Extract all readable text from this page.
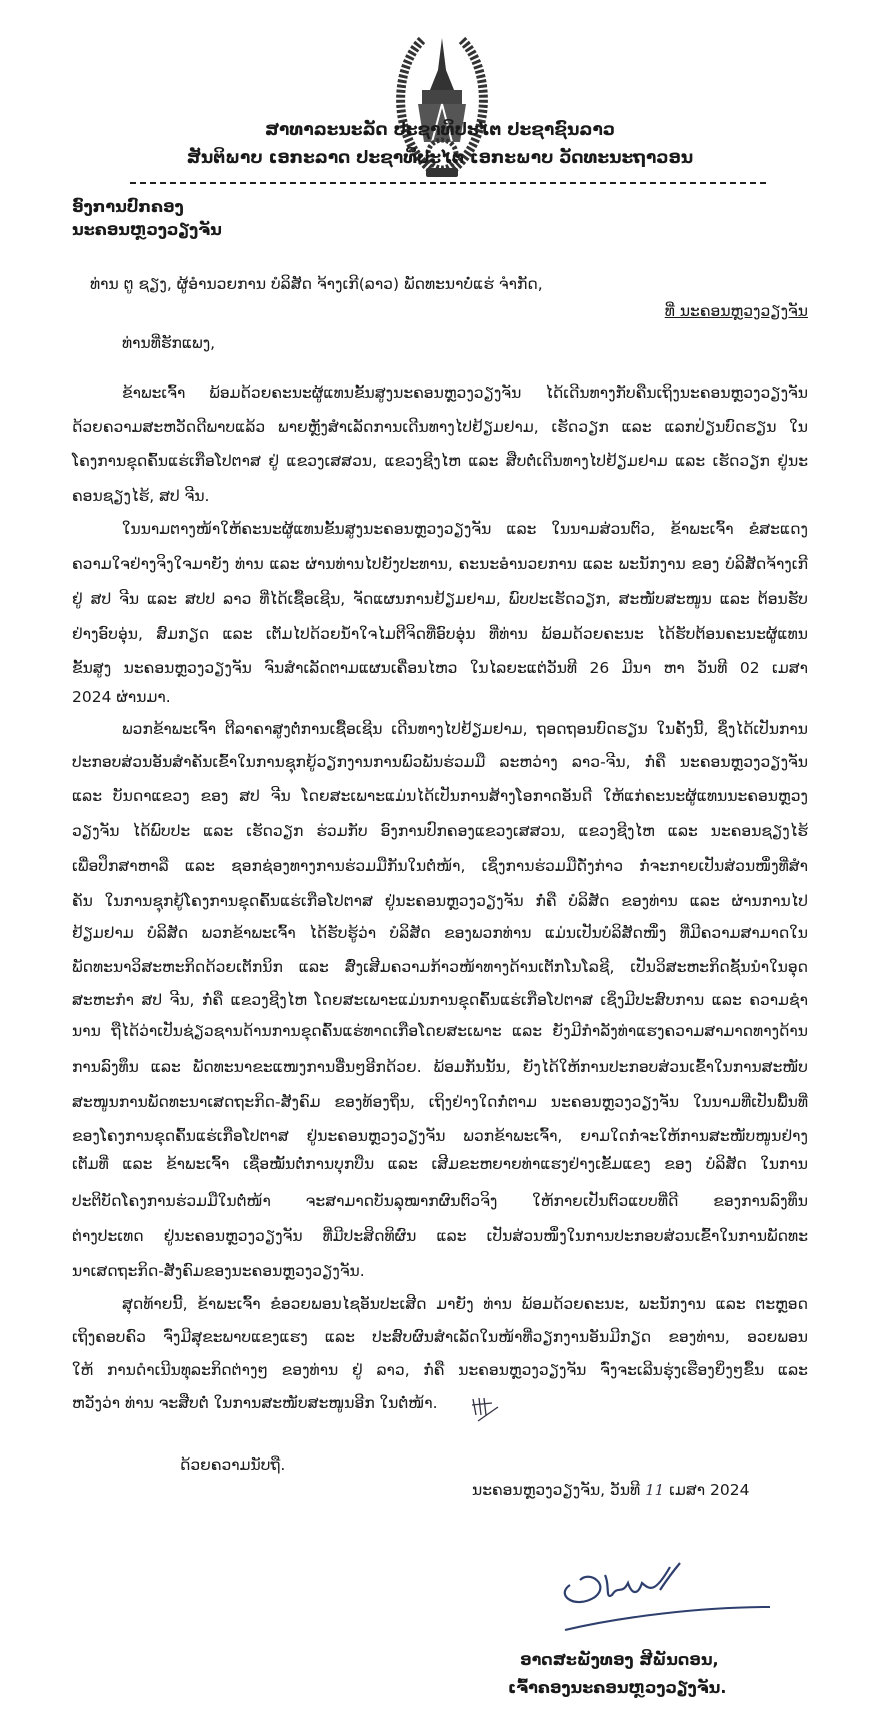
ສາທາລະນະລັດ ປະຊາທິປະໄຕ ປະຊາຊົນລາວ
ສັນຕິພາບ ເອກະລາດ ປະຊາທິປະໄຕ ເອກະພາບ ວັດທະນະຖາວອນ
ອົງການປົກຄອງ
ນະຄອນຫຼວງວຽງຈັນ
ທ່ານ ຕູ ຊຽງ, ຜູ້ອໍານວຍການ ບໍລິສັດ ຈ້າງເກີ(ລາວ) ພັດທະນາບໍ່ແຮ່ ຈໍາກັດ,
ທີ່ ນະຄອນຫຼວງວຽງຈັນ
ທ່ານທີ່ຮັກແພງ,
ຂ້າພະເຈົ້າ ພ້ອມດ້ວຍຄະນະຜູ້ແທນຂັ້ນສູງນະຄອນຫຼວງວຽງຈັນ ໄດ້ເດີນທາງກັບຄືນເຖິງນະຄອນຫຼວງວຽງຈັນ
ດ້ວຍຄວາມສະຫວັດດີພາບແລ້ວ ພາຍຫຼັງສໍາເລັດການເດີນທາງໄປຢ້ຽມຢາມ, ເຮັດວຽກ ແລະ ແລກປ່ຽນບົດຮຽນ ໃນ
ໂຄງການຂຸດຄົ້ນແຮ່ເກືອໂປຕາສ ຢູ່ ແຂວງເສສວນ, ແຂວງຊີງໄຫ ແລະ ສືບຕໍ່ເດີນທາງໄປຢ້ຽມຢາມ ແລະ ເຮັດວຽກ ຢູ່ນະ
ຄອນຊຽງໄຮ້, ສປ ຈີນ.
ໃນນາມຕາງໜ້າໃຫ້ຄະນະຜູ້ແທນຂັ້ນສູງນະຄອນຫຼວງວຽງຈັນ ແລະ ໃນນາມສ່ວນຕົວ, ຂ້າພະເຈົ້າ ຂໍສະແດງ
ຄວາມໃຈຢ່າງຈິງໃຈມາຍັງ ທ່ານ ແລະ ຜ່ານທ່ານໄປຍັງປະທານ, ຄະນະອໍານວຍການ ແລະ ພະນັກງານ ຂອງ ບໍລິສັດຈ້າງເກີ
ຢູ່ ສປ ຈີນ ແລະ ສປປ ລາວ ທີ່ໄດ້ເຊື້ອເຊີນ, ຈັດແຜນການຢ້ຽມຢາມ, ພົບປະເຮັດວຽກ, ສະໜັບສະໜູນ ແລະ ຕ້ອນຮັບ
ຢ່າງອົບອຸ່ນ, ສົມກຽດ ແລະ ເຕັມໄປດ້ວຍນໍ້າໃຈໄມຕີຈິດທີ່ອົບອຸ່ນ ທີ່ທ່ານ ພ້ອມດ້ວຍຄະນະ ໄດ້ຮັບຕ້ອນຄະນະຜູ້ແທນ
ຂັ້ນສູງ ນະຄອນຫຼວງວຽງຈັນ ຈົນສໍາເລັດຕາມແຜນເຄື່ອນໄຫວ ໃນໄລຍະແຕ່ວັນທີ 26 ມີນາ ຫາ ວັນທີ 02 ເມສາ
2024 ຜ່ານມາ.
ພວກຂ້າພະເຈົ້າ ຕີລາຄາສູງຕໍ່ການເຊື້ອເຊີນ ເດີນທາງໄປຢ້ຽມຢາມ, ຖອດຖອນບົດຮຽນ ໃນຄັ້ງນີ້, ຊຶ່ງໄດ້ເປັນການ
ປະກອບສ່ວນອັນສໍາຄັນເຂົ້າໃນການຊຸກຍູ້ວຽກງານການພົວພັນຮ່ວມມື ລະຫວ່າງ ລາວ-ຈີນ, ກໍ່ຄື ນະຄອນຫຼວງວຽງຈັນ
ແລະ ບັນດາແຂວງ ຂອງ ສປ ຈີນ ໂດຍສະເພາະແມ່ນໄດ້ເປັນການສ້າງໂອກາດອັນດີ ໃຫ້ແກ່ຄະນະຜູ້ແທນນະຄອນຫຼວງ
ວຽງຈັນ ໄດ້ພົບປະ ແລະ ເຮັດວຽກ ຮ່ວມກັບ ອົງການປົກຄອງແຂວງເສສວນ, ແຂວງຊີງໄຫ ແລະ ນະຄອນຊຽງໄຮ້
ເພື່ອປຶກສາຫາລື ແລະ ຊອກຊ່ອງທາງການຮ່ວມມືກັນໃນຕໍ່ໜ້າ, ເຊິ່ງການຮ່ວມມືດັ່ງກ່າວ ກໍ່ຈະກາຍເປັນສ່ວນໜຶ່ງທີ່ສໍາ
ຄັນ ໃນການຊຸກຍູ້ໂຄງການຂຸດຄົ້ນແຮ່ເກືອໂປຕາສ ຢູ່ນະຄອນຫຼວງວຽງຈັນ ກໍ່ຄື ບໍລິສັດ ຂອງທ່ານ ແລະ ຜ່ານການໄປ
ຢ້ຽມຢາມ ບໍລິສັດ ພວກຂ້າພະເຈົ້າ ໄດ້ຮັບຮູ້ວ່າ ບໍລິສັດ ຂອງພວກທ່ານ ແມ່ນເປັນບໍລິສັດໜຶ່ງ ທີ່ມີຄວາມສາມາດໃນ
ພັດທະນາວິສະຫະກິດດ້ວຍເຕັກນິກ ແລະ ສົ່ງເສີມຄວາມກ້າວໜ້າທາງດ້ານເຕັກໂນໂລຊີ, ເປັນວິສະຫະກິດຊັ້ນນໍາໃນອຸດ
ສະຫະກໍາ ສປ ຈີນ, ກໍ່ຄື ແຂວງຊີງໄຫ ໂດຍສະເພາະແມ່ນການຂຸດຄົ້ນແຮ່ເກືອໂປຕາສ ເຊິ່ງມີປະສົບການ ແລະ ຄວາມຊໍາ
ນານ ຖືໄດ້ວ່າເປັນຊ່ຽວຊານດ້ານການຂຸດຄົ້ນແຮ່ທາດເກືອໂດຍສະເພາະ ແລະ ຍັງມີກໍາລັງທ່າແຮງຄວາມສາມາດທາງດ້ານ
ການລົງທຶນ ແລະ ພັດທະນາຂະແໜງການອື່ນໆອີກດ້ວຍ. ພ້ອມກັນນັ້ນ, ຍັງໄດ້ໃຫ້ການປະກອບສ່ວນເຂົ້າໃນການສະໜັບ
ສະໜູນການພັດທະນາເສດຖະກິດ-ສັງຄົມ ຂອງທ້ອງຖິ່ນ, ເຖິງຢ່າງໃດກໍ່ຕາມ ນະຄອນຫຼວງວຽງຈັນ ໃນນາມທີ່ເປັນພື້ນທີ່
ຂອງໂຄງການຂຸດຄົ້ນແຮ່ເກືອໂປຕາສ ຢູ່ນະຄອນຫຼວງວຽງຈັນ ພວກຂ້າພະເຈົ້າ, ຍາມໃດກໍ່ຈະໃຫ້ການສະໜັບໜູນຢ່າງ
ເຕັມທີ່ ແລະ ຂ້າພະເຈົ້າ ເຊື່ອໝັ້ນຕໍ່ການບຸກບືນ ແລະ ເສີມຂະຫຍາຍທ່າແຮງຢ່າງເຂັ້ມແຂງ ຂອງ ບໍລິສັດ ໃນການ
ປະຕິບັດໂຄງການຮ່ວມມືໃນຕໍ່ໜ້າ ຈະສາມາດບັນລຸໝາກຜົນຕົວຈິງ ໃຫ້ກາຍເປັນຕົວແບບທີ່ດີ ຂອງການລົງທຶນ
ຕ່າງປະເທດ ຢູ່ນະຄອນຫຼວງວຽງຈັນ ທີ່ມີປະສິດທິຜົນ ແລະ ເປັນສ່ວນໜຶ່ງໃນການປະກອບສ່ວນເຂົ້າໃນການພັດທະ
ນາເສດຖະກິດ-ສັງຄົມຂອງນະຄອນຫຼວງວຽງຈັນ.
ສຸດທ້າຍນີ້, ຂ້າພະເຈົ້າ ຂໍອວຍພອນໄຊອັນປະເສີດ ມາຍັງ ທ່ານ ພ້ອມດ້ວຍຄະນະ, ພະນັກງານ ແລະ ຕະຫຼອດ
ເຖິງຄອບຄົວ ຈົ່ງມີສຸຂະພາບແຂງແຮງ ແລະ ປະສົບຜົນສໍາເລັດໃນໜ້າທີ່ວຽກງານອັນມີກຽດ ຂອງທ່ານ, ອວຍພອນ
ໃຫ້ ການດໍາເນີນທຸລະກິດຕ່າງໆ ຂອງທ່ານ ຢູ່ ລາວ, ກໍ່ຄື ນະຄອນຫຼວງວຽງຈັນ ຈົ່ງຈະເລີນຮຸ່ງເຮືອງຍິ່ງໆຂຶ້ນ ແລະ
ຫວັງວ່າ ທ່ານ ຈະສືບຕໍ່ ໃນການສະໜັບສະໜູນອີກ ໃນຕໍ່ໜ້າ.
ດ້ວຍຄວາມນັບຖື.
ນະຄອນຫຼວງວຽງຈັນ, ວັນທີ 11 ເມສາ 2024
ອາດສະພັງທອງ ສີພັນດອນ,
ເຈົ້າຄອງນະຄອນຫຼວງວຽງຈັນ.
